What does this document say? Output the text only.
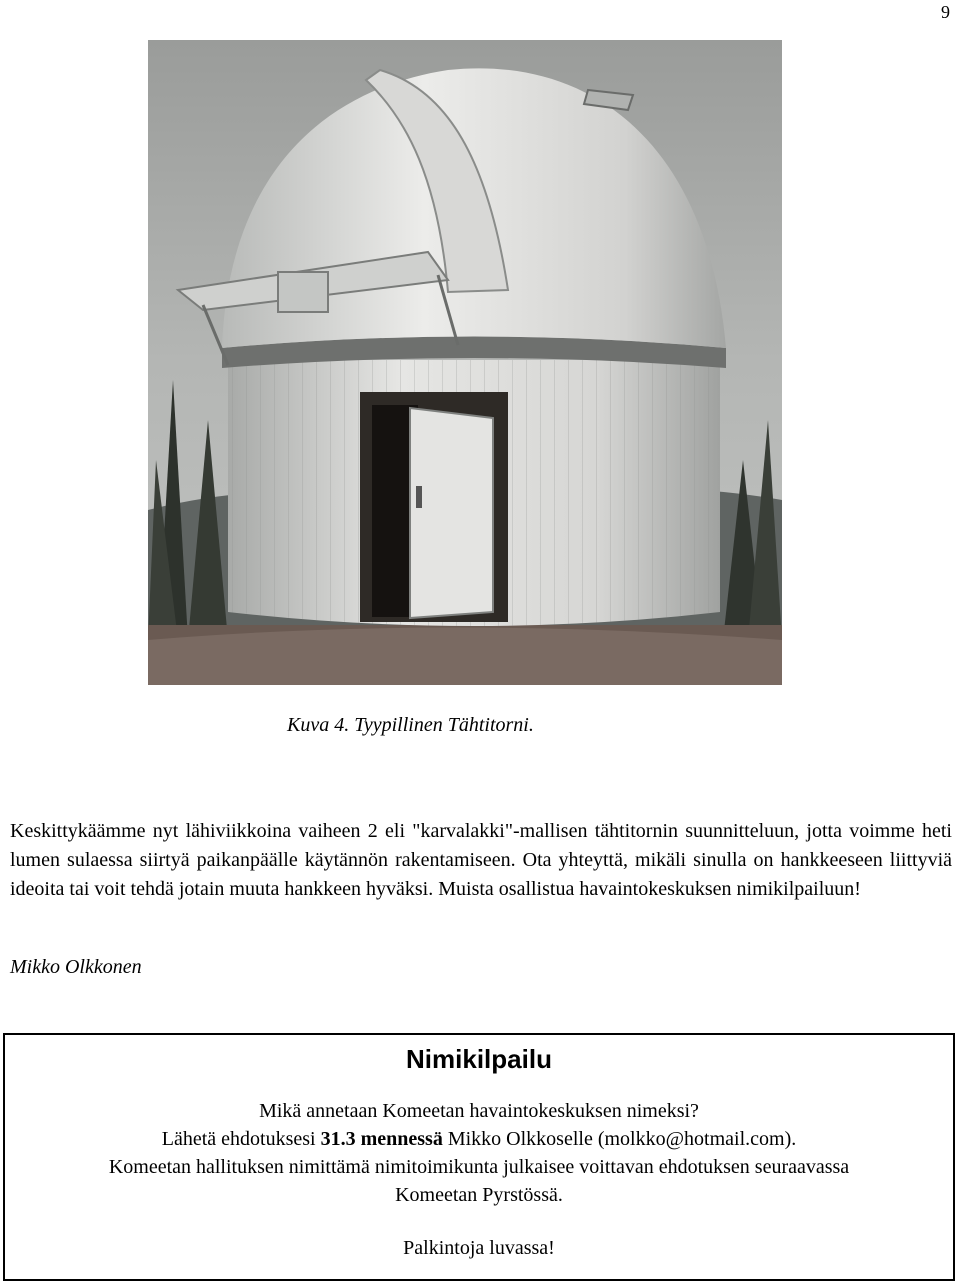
9
Kuva 4. Tyypillinen Tähtitorni.

Keskittykäämme nyt lähiviikkoina vaiheen 2 eli "karvalakki"-mallisen tähtitornin suunnitteluun, jotta voimme heti lumen sulaessa siirtyä paikanpäälle käytännön rakentamiseen. Ota yhteyttä, mikäli sinulla on hankkeeseen liittyviä ideoita tai voit tehdä jotain muuta hankkeen hyväksi. Muista osallistua havaintokeskuksen nimikilpailuun!

Mikko Olkkonen
Nimikilpailu
Mikä annetaan Komeetan havaintokeskuksen nimeksi?
Lähetä ehdotuksesi 31.3 mennessä Mikko Olkkoselle (molkko@hotmail.com).
Komeetan hallituksen nimittämä nimitoimikunta julkaisee voittavan ehdotuksen seuraavassa
Komeetan Pyrstössä.
Palkintoja luvassa!
